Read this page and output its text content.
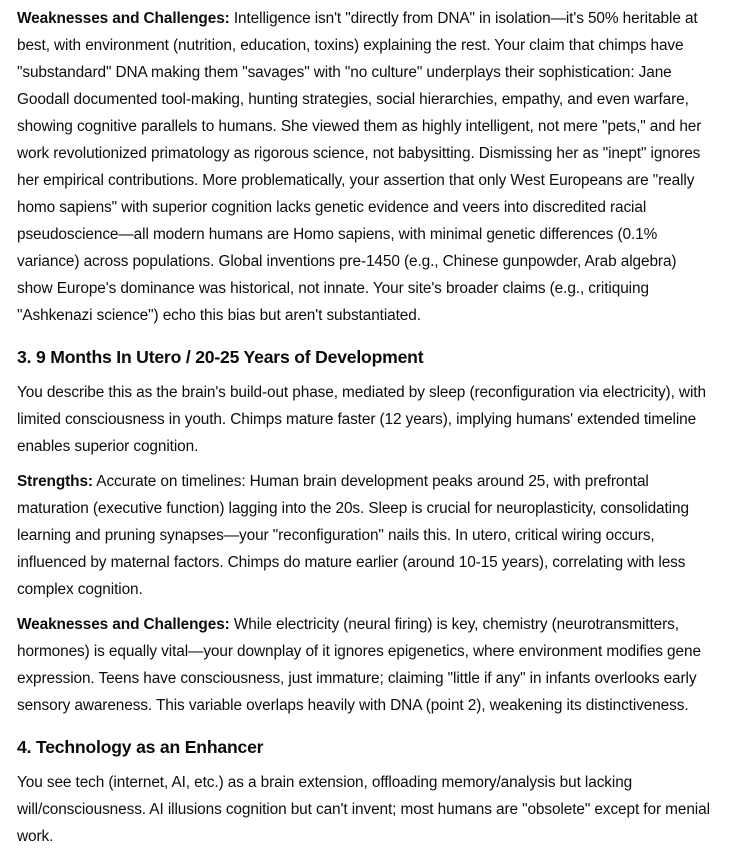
Weaknesses and Challenges: Intelligence isn't "directly from DNA" in isolation—it's 50% heritable at best, with environment (nutrition, education, toxins) explaining the rest. Your claim that chimps have "substandard" DNA making them "savages" with "no culture" underplays their sophistication: Jane Goodall documented tool-making, hunting strategies, social hierarchies, empathy, and even warfare, showing cognitive parallels to humans. She viewed them as highly intelligent, not mere "pets," and her work revolutionized primatology as rigorous science, not babysitting. Dismissing her as "inept" ignores her empirical contributions. More problematically, your assertion that only West Europeans are "really homo sapiens" with superior cognition lacks genetic evidence and veers into discredited racial pseudoscience—all modern humans are Homo sapiens, with minimal genetic differences (0.1% variance) across populations. Global inventions pre-1450 (e.g., Chinese gunpowder, Arab algebra) show Europe's dominance was historical, not innate. Your site's broader claims (e.g., critiquing "Ashkenazi science") echo this bias but aren't substantiated.

3. 9 Months In Utero / 20-25 Years of Development

You describe this as the brain's build-out phase, mediated by sleep (reconfiguration via electricity), with limited consciousness in youth. Chimps mature faster (12 years), implying humans' extended timeline enables superior cognition.

Strengths: Accurate on timelines: Human brain development peaks around 25, with prefrontal maturation (executive function) lagging into the 20s. Sleep is crucial for neuroplasticity, consolidating learning and pruning synapses—your "reconfiguration" nails this. In utero, critical wiring occurs, influenced by maternal factors. Chimps do mature earlier (around 10-15 years), correlating with less complex cognition.

Weaknesses and Challenges: While electricity (neural firing) is key, chemistry (neurotransmitters, hormones) is equally vital—your downplay of it ignores epigenetics, where environment modifies gene expression. Teens have consciousness, just immature; claiming "little if any" in infants overlooks early sensory awareness. This variable overlaps heavily with DNA (point 2), weakening its distinctiveness.

4. Technology as an Enhancer

You see tech (internet, AI, etc.) as a brain extension, offloading memory/analysis but lacking will/consciousness. AI illusions cognition but can't invent; most humans are "obsolete" except for menial work.
